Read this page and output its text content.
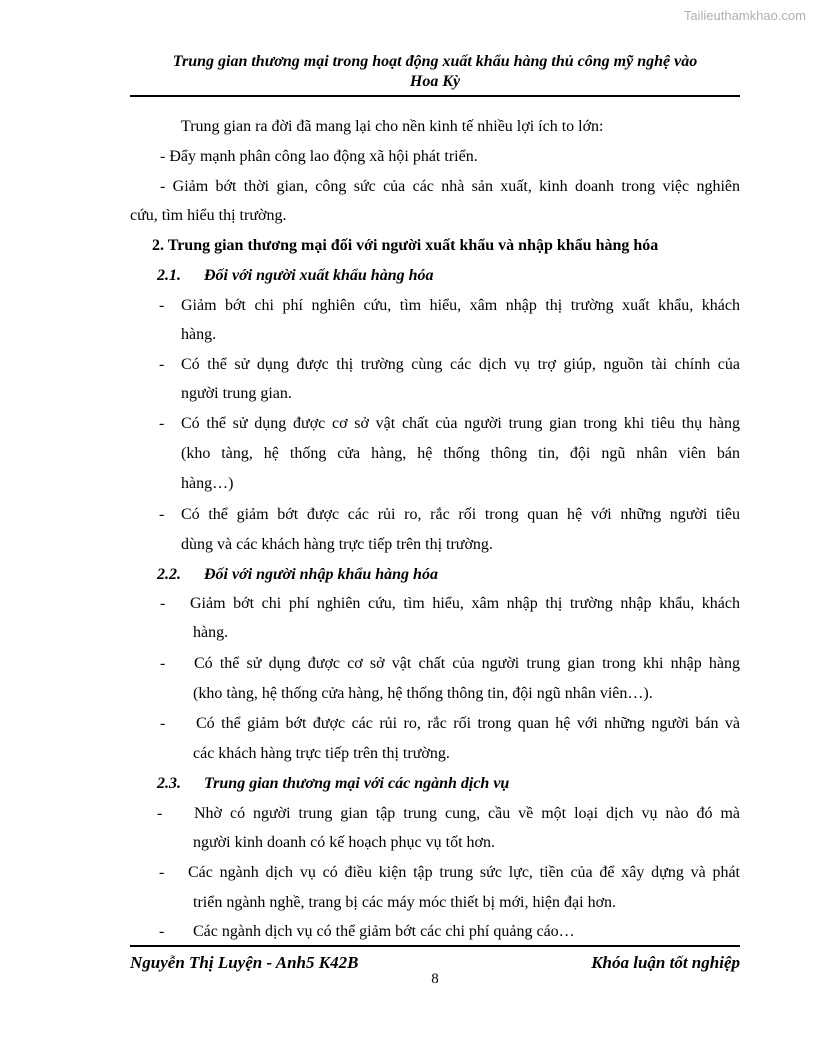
Tailieuthamkhao.com
Trung gian thương mại trong hoạt động xuất khẩu hàng thủ công mỹ nghệ vào
Hoa Kỳ
Trung gian ra đời đã mang lại cho nền kinh tế nhiều lợi ích to lớn:
- Đẩy mạnh phân công lao động xã hội phát triển.
- Giảm bớt thời gian, công sức của các nhà sản xuất, kinh doanh trong việc nghiên
cứu, tìm hiểu thị trường.
2. Trung gian thương mại đối với người xuất khẩu và nhập khẩu hàng hóa
2.1. Đối với người xuất khẩu hàng hóa
- Giảm bớt chi phí nghiên cứu, tìm hiểu, xâm nhập thị trường xuất khẩu, khách
hàng.
- Có thể sử dụng được thị trường cùng các dịch vụ trợ giúp, nguồn tài chính của
người trung gian.
- Có thể sử dụng được cơ sở vật chất của người trung gian trong khi tiêu thụ hàng
(kho tàng, hệ thống cửa hàng, hệ thống thông tin, đội ngũ nhân viên bán
hàng…)
- Có thể giảm bớt được các rủi ro, rắc rối trong quan hệ với những người tiêu
dùng và các khách hàng trực tiếp trên thị trường.
2.2. Đối với người nhập khẩu hàng hóa
- Giảm bớt chi phí nghiên cứu, tìm hiểu, xâm nhập thị trường nhập khẩu, khách
hàng.
- Có thể sử dụng được cơ sở vật chất của người trung gian trong khi nhập hàng
(kho tàng, hệ thống cửa hàng, hệ thống thông tin, đội ngũ nhân viên…).
- Có thể giảm bớt được các rủi ro, rắc rối trong quan hệ với những người bán và
các khách hàng trực tiếp trên thị trường.
2.3. Trung gian thương mại với các ngành dịch vụ
- Nhờ có người trung gian tập trung cung, cầu về một loại dịch vụ nào đó mà
người kinh doanh có kế hoạch phục vụ tốt hơn.
- Các ngành dịch vụ có điều kiện tập trung sức lực, tiền của để xây dựng và phát
triển ngành nghề, trang bị các máy móc thiết bị mới, hiện đại hơn.
- Các ngành dịch vụ có thể giảm bớt các chi phí quảng cáo…
Nguyễn Thị Luyện - Anh5 K42B	Khóa luận tốt nghiệp
8
